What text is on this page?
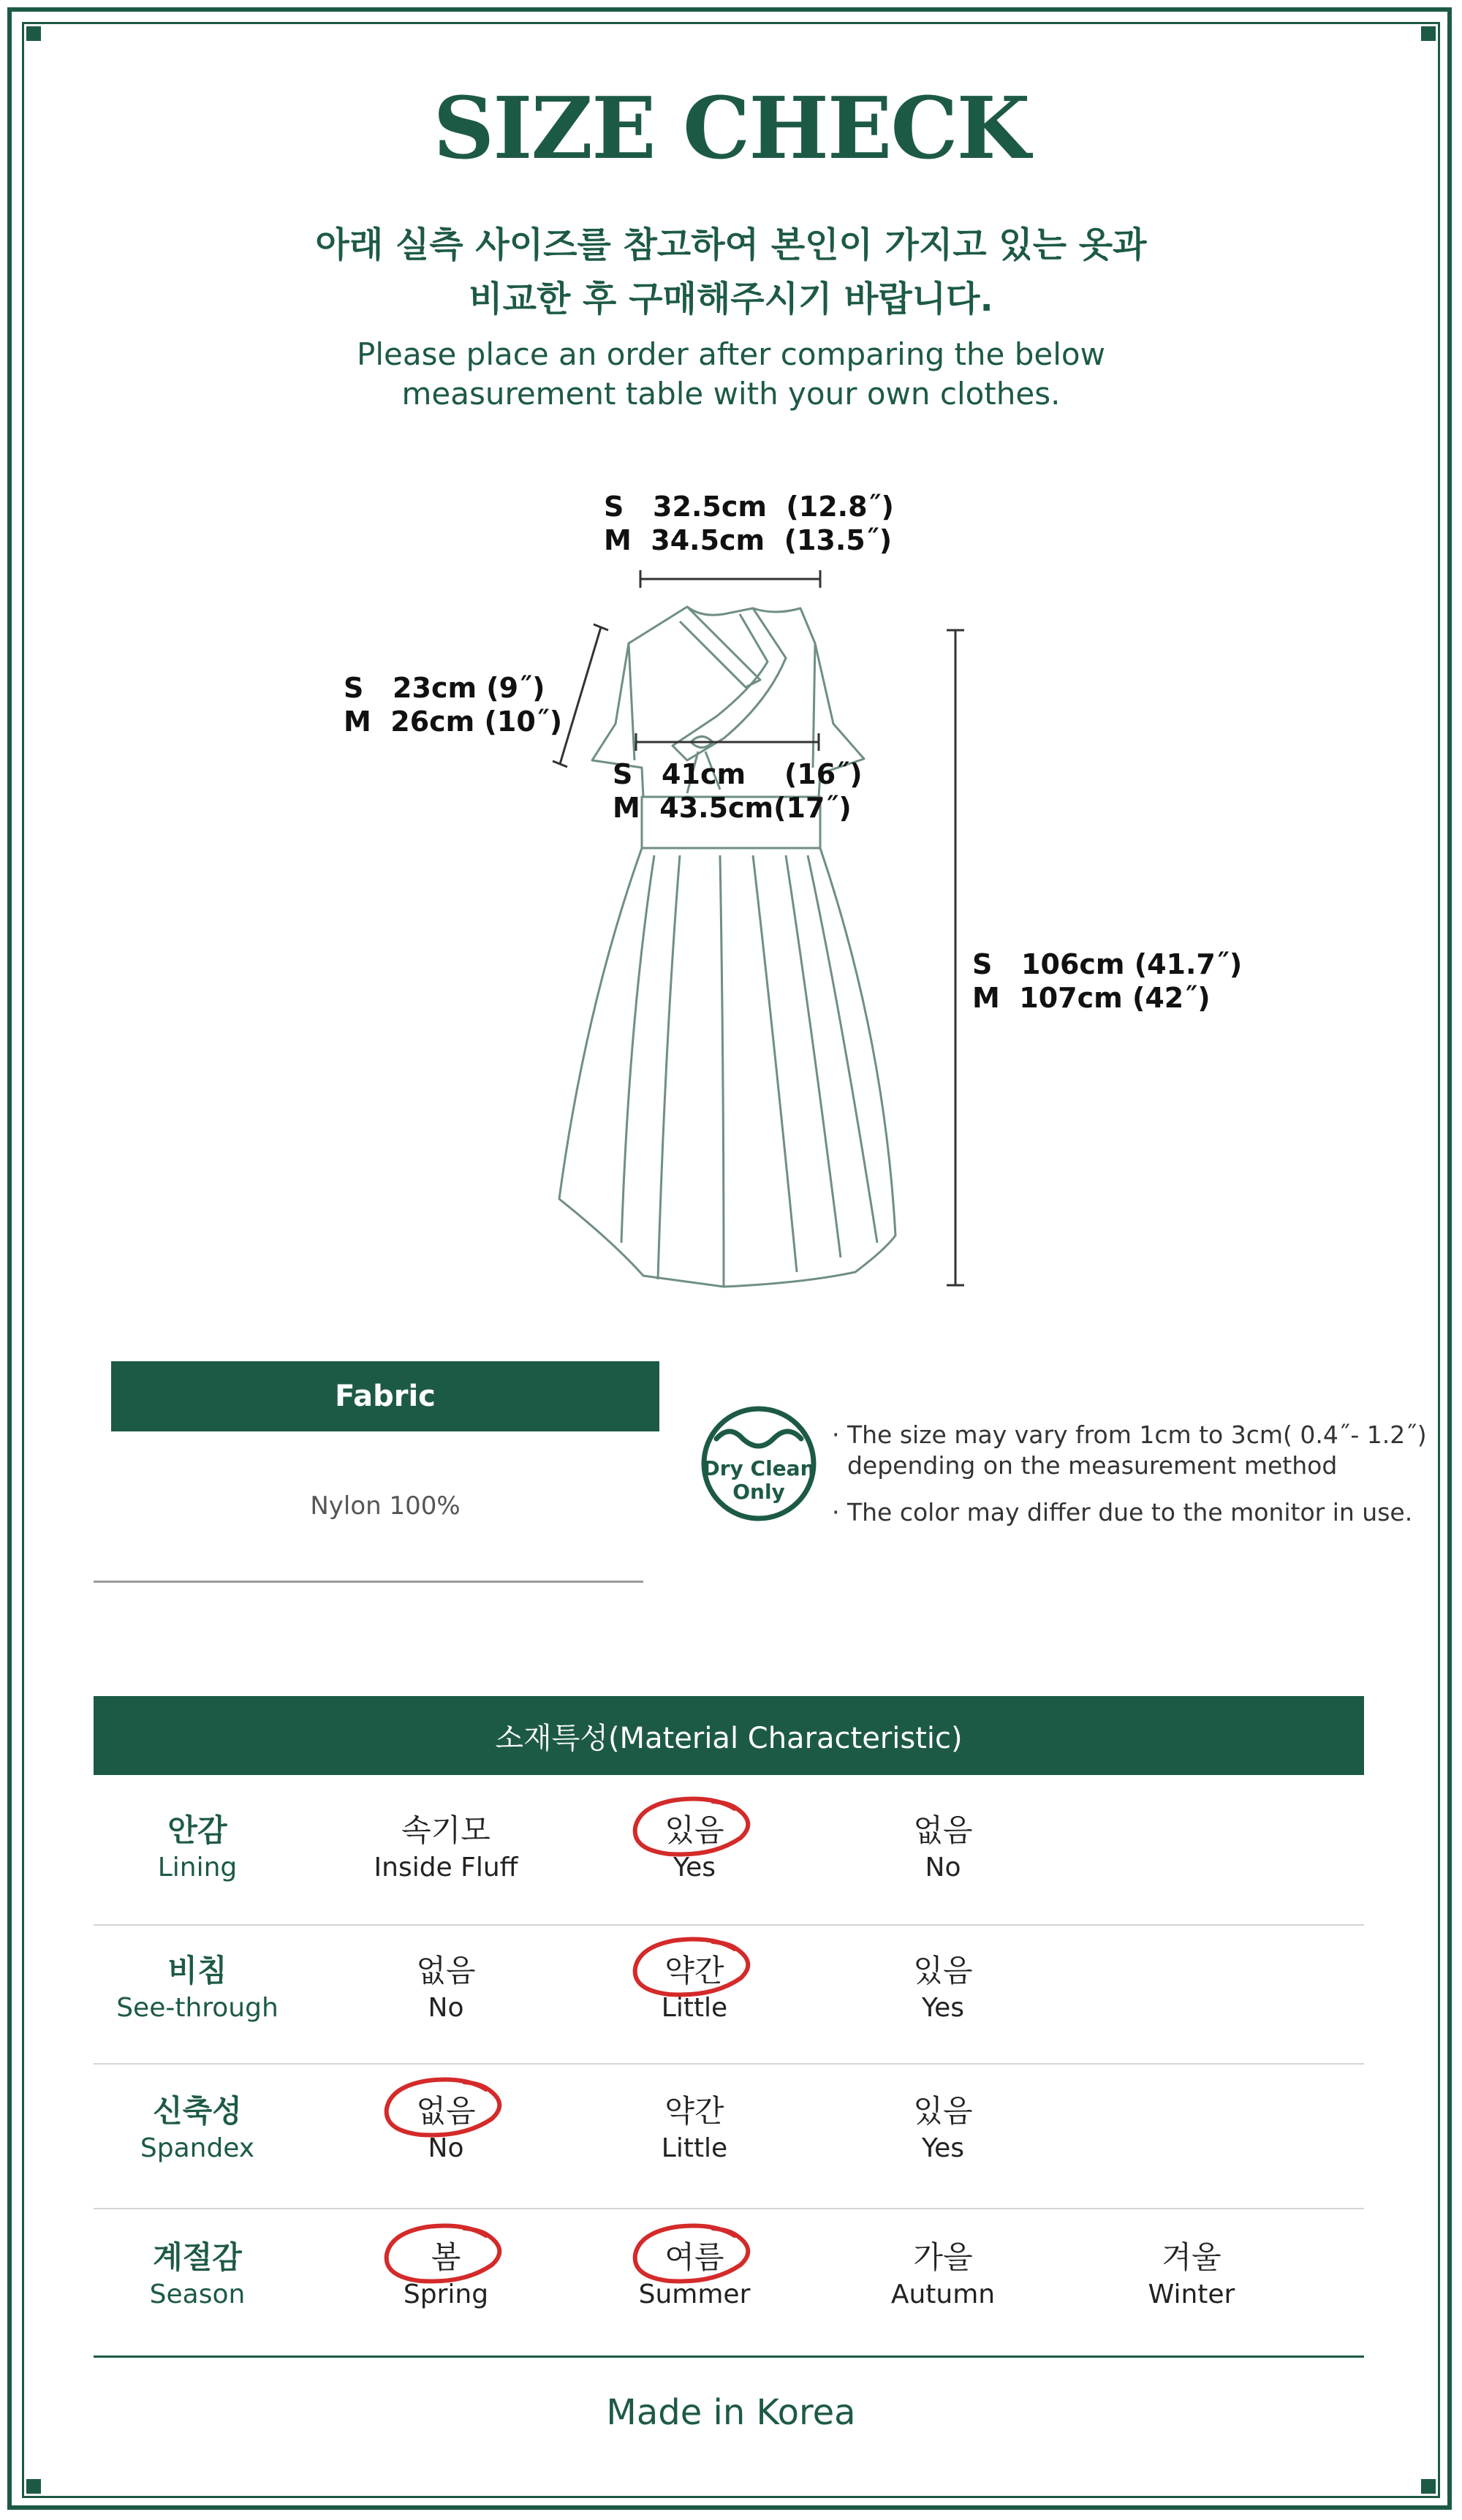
SIZE CHECK
아래 실측 사이즈를 참고하여 본인이 가지고 있는 옷과
비교한 후 구매해주시기 바랍니다.
Please place an order after comparing the below
measurement table with your own clothes.
S   32.5cm  (12.8˝)
M  34.5cm  (13.5˝)
S   23cm (9˝)
M  26cm (10˝)
S   41cm    (16˝)
M  43.5cm(17˝)
S   106cm (41.7˝)
M  107cm (42˝)
Fabric
Nylon 100%
Dry Clean
Only
· The size may vary from 1cm to 3cm( 0.4˝- 1.2˝)
depending on the measurement method
· The color may differ due to the monitor in use.
소재특성(Material Characteristic)
안감
Lining
속기모
Inside Fluff
있음
Yes
없음
No
비침
See-through
없음
No
약간
Little
있음
Yes
신축성
Spandex
없음
No
약간
Little
있음
Yes
계절감
Season
봄
Spring
여름
Summer
가을
Autumn
겨울
Winter
Made in Korea
